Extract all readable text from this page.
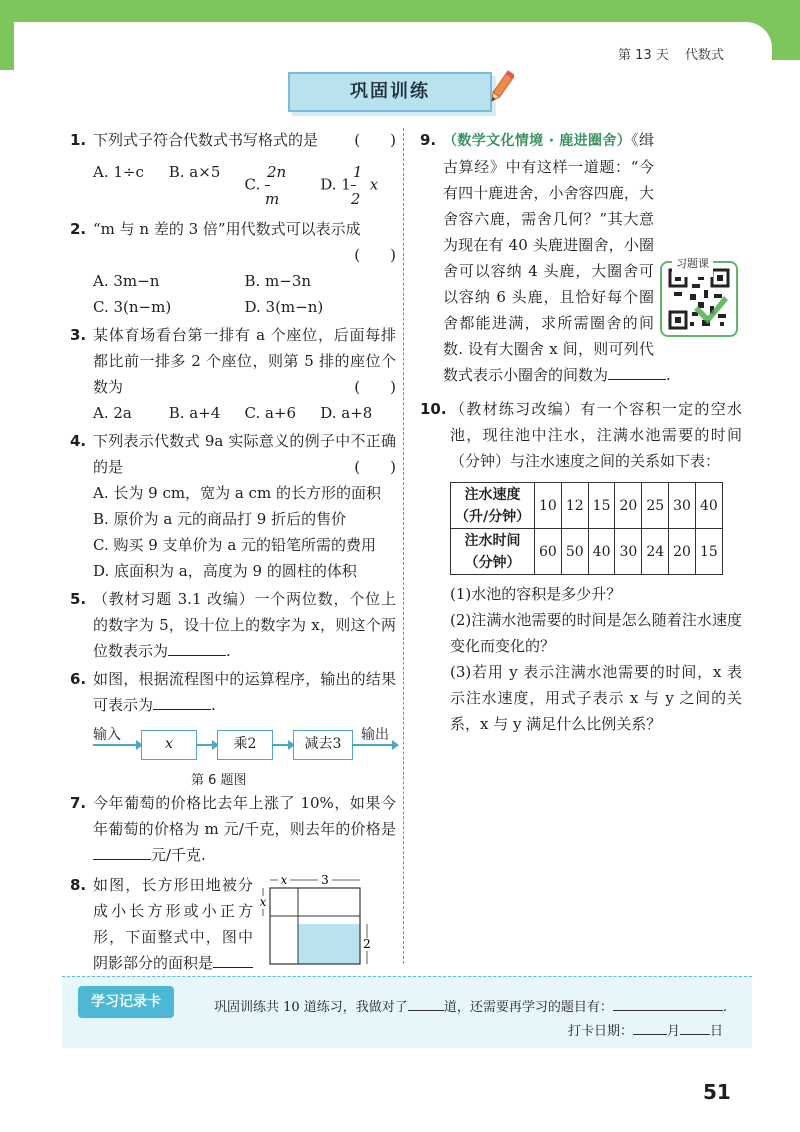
第 13 天 代数式
巩固训练
1. 下列式子符合代数式书写格式的是 (　　)

A. 1÷c	B. a×5
C. $\frac{2n}{m} D$. $1 \frac{1}{2}$ x
2. “m 与 n 差的 3 倍”用代数式可以表示成

(　　)

A. 3m−n	B. m−3n
C. 3(n−m)	D. 3(m−n)
3. 某体育场看台第一排有 a 个座位，后面每排都比前一排多 2 个座位，则第 5 排的座位个数为	(　　)

A. 2a	B. a+4	C. a+6	D. a+8
4. 下列表示代数式 9a 实际意义的例子中不正确的是	(　　)

A. 长为 9 cm，宽为 a cm 的长方形的面积

B. 原价为 a 元的商品打 9 折后的售价

C. 购买 9 支单价为 a 元的铅笔所需的费用

D. 底面积为 a，高度为 9 的圆柱的体积

5. （教材习题 3.1 改编）一个两位数，个位上的数字为 5，设十位上的数字为 x，则这个两位数表示为	.

6. 如图，根据流程图中的运算程序，输出的结果可表示为	.

输入
x	乘2	减去3
输出
第 6 题图
7. 今年葡萄的价格比去年上涨了 10%，如果今年葡萄的价格为 m 元/千克，则去年的价格是元/千克.

8. 如图，长方形田地被分成小长方形或小正方形，下面整式中，图中阴影部分的面积是

x	3
x
2
9.
习题课

（数学文化情境 · 鹿进圈舍）《缉古算经》中有这样一道题：“今有四十鹿进舍，小舍容四鹿，大舍容六鹿，需舍几何？”其大意为现在有 40 头鹿进圈舍，小圈舍可以容纳 4 头鹿，大圈舍可以容纳 6 头鹿，且恰好每个圈舍都能进满，求所需圈舍的间数. 设有大圈舍 x 间，则可列代数式表示小圈舍的间数为	.

10. （教材练习改编）有一个容积一定的空水池，现往池中注水，注满水池需要的时间（分钟）与注水速度之间的关系如下表：

注水速度（升/分钟）	10	12	15	20	25	30	40
注水时间（分钟）	60	50	40	30	24	20	15

(1)水池的容积是多少升？

(2)注满水池需要的时间是怎么随着注水速度变化而变化的？

(3)若用 y 表示注满水池需要的时间，x 表示注水速度，用式子表示 x 与 y 之间的关系，x 与 y 满足什么比例关系？

学习记录卡	巩固训练共 10 道练习，我做对了	道，还需要再学习的题目有：	.
打卡日期：	月 日
51
